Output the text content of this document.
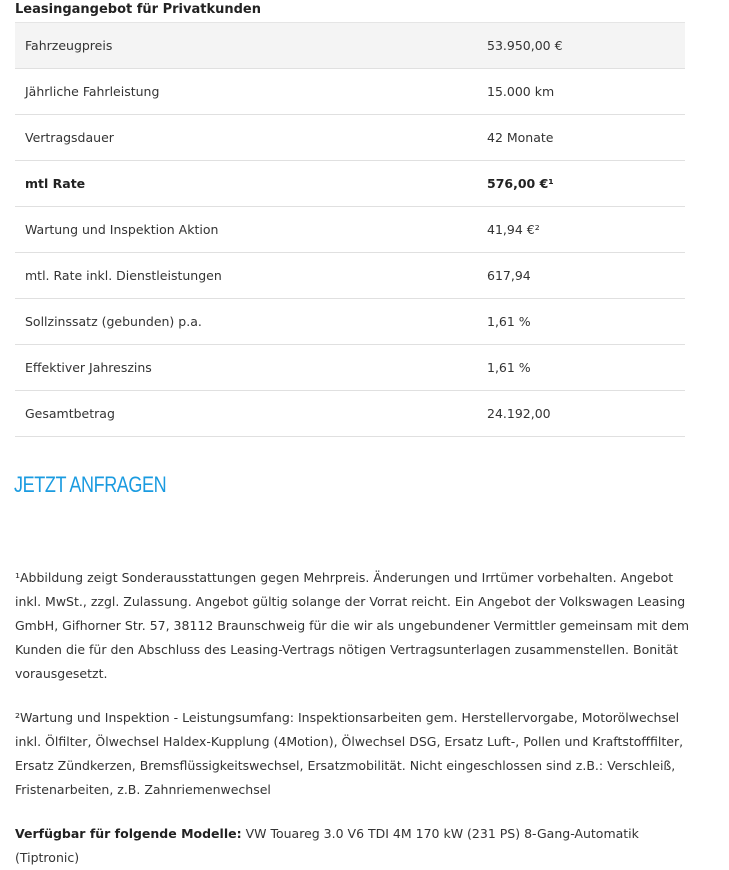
Leasingangebot für Privatkunden
Fahrzeugpreis	53.950,00 €
Jährliche Fahrleistung	15.000 km
Vertragsdauer	42 Monate
mtl Rate	576,00 €¹
Wartung und Inspektion Aktion	41,94 €²
mtl. Rate inkl. Dienstleistungen	617,94
Sollzinssatz (gebunden) p.a.	1,61 %
Effektiver Jahreszins	1,61 %
Gesamtbetrag	24.192,00
JETZT ANFRAGEN

¹Abbildung zeigt Sonderausstattungen gegen Mehrpreis. Änderungen und Irrtümer vorbehalten. Angebot inkl. MwSt., zzgl. Zulassung. Angebot gültig solange der Vorrat reicht. Ein Angebot der Volkswagen Leasing GmbH, Gifhorner Str. 57, 38112 Braunschweig für die wir als ungebundener Vermittler gemeinsam mit dem Kunden die für den Abschluss des Leasing-Vertrags nötigen Vertragsunterlagen zusammenstellen. Bonität vorausgesetzt.

²Wartung und Inspektion - Leistungsumfang: Inspektionsarbeiten gem. Herstellervorgabe, Motorölwechsel inkl. Ölfilter, Ölwechsel Haldex-Kupplung (4Motion), Ölwechsel DSG, Ersatz Luft-, Pollen und Kraftstofffilter, Ersatz Zündkerzen, Bremsflüssigkeitswechsel, Ersatzmobilität. Nicht eingeschlossen sind z.B.: Verschleiß, Fristenarbeiten, z.B. Zahnriemenwechsel

Verfügbar für folgende Modelle: VW Touareg 3.0 V6 TDI 4M 170 kW (231 PS) 8-Gang-Automatik (Tiptronic)
